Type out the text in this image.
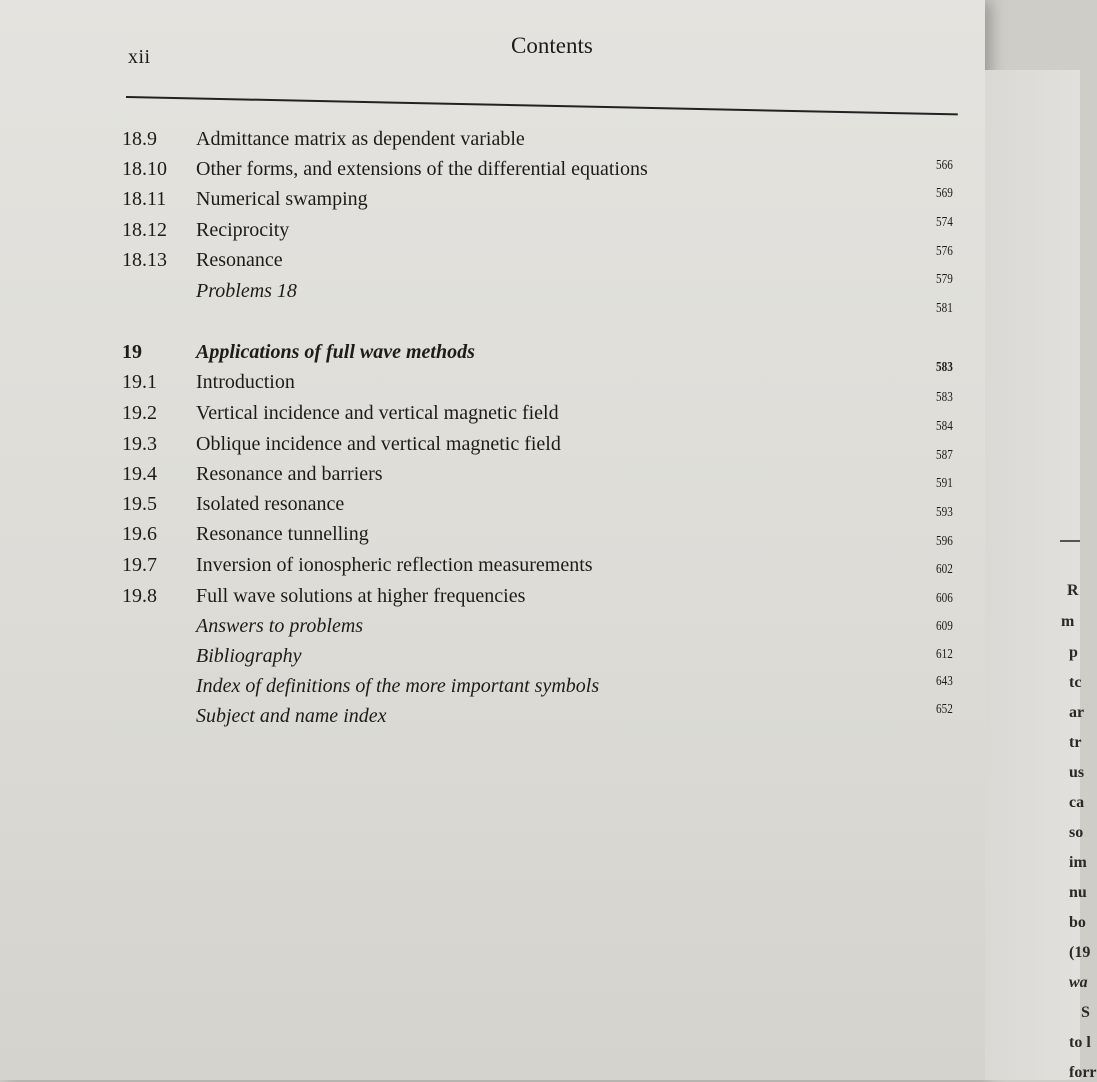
xii	Contents
18.9 Admittance matrix as dependent variable
18.10 Other forms, and extensions of the differential equations
18.11 Numerical swamping
18.12 Reciprocity
18.13 Resonance
Problems 18
19	Applications of full wave methods
19.1 Introduction
19.2 Vertical incidence and vertical magnetic field
19.3 Oblique incidence and vertical magnetic field
19.4 Resonance and barriers
19.5 Isolated resonance
19.6 Resonance tunnelling
19.7 Inversion of ionospheric reflection measurements
19.8 Full wave solutions at higher frequencies
Answers to problems
Bibliography
Index of definitions of the more important symbols
Subject and name index
566
569
574
576
579
581
583
583
584
587
591
593
596
602
606
609
612
643
652
R
m
p
tc
ar
tr
us
ca
so
im
nu
bo
(19
wa
S
to l
forr
